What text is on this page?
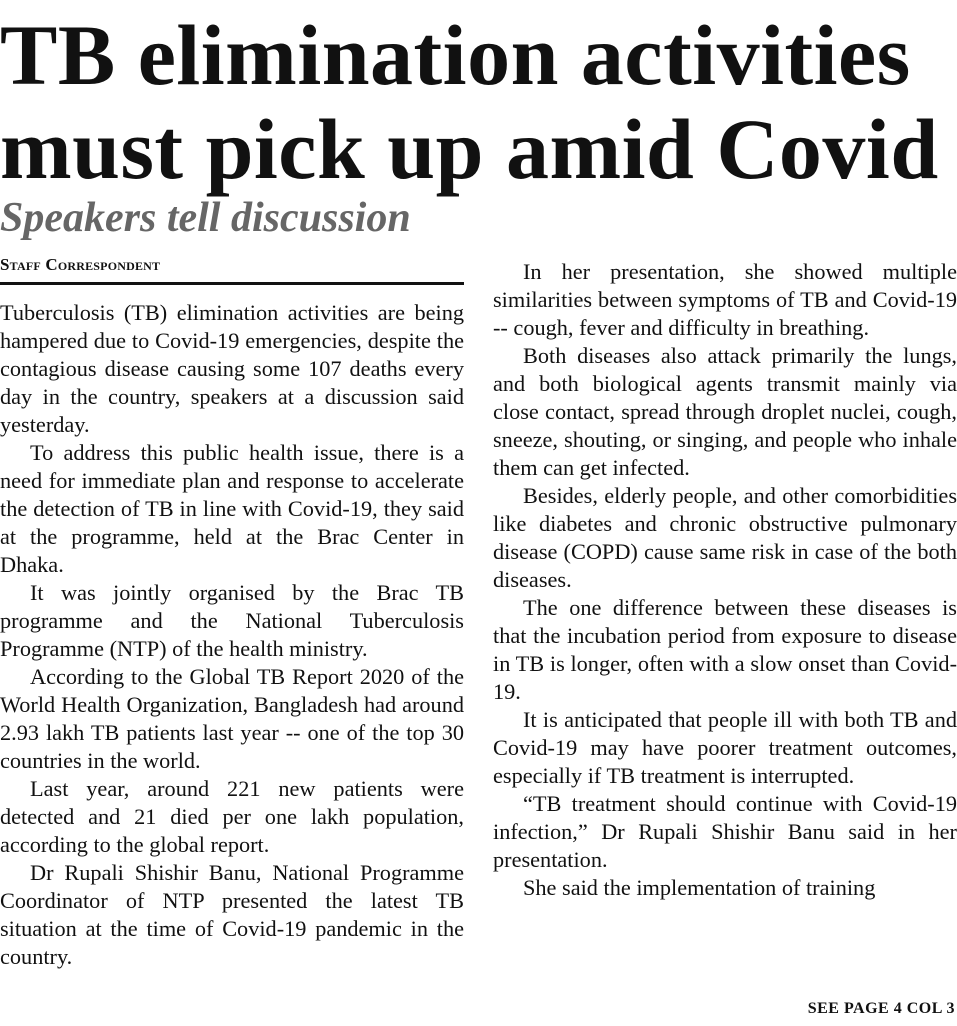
TB elimination activities
must pick up amid Covid
Speakers tell discussion
Staff Correspondent

Tuberculosis (TB) elimination activities are being hampered due to Covid-19 emergencies, despite the contagious disease causing some 107 deaths every day in the country, speakers at a discussion said yesterday.

To address this public health issue, there is a need for immediate plan and response to accelerate the detection of TB in line with Covid-19, they said at the programme, held at the Brac Center in Dhaka.

It was jointly organised by the Brac TB programme and the National Tuberculosis Programme (NTP) of the health ministry.

According to the Global TB Report 2020 of the World Health Organization, Bangladesh had around 2.93 lakh TB patients last year -- one of the top 30 countries in the world.

Last year, around 221 new patients were detected and 21 died per one lakh population, according to the global report.

Dr Rupali Shishir Banu, National Programme Coordinator of NTP presented the latest TB situation at the time of Covid-19 pandemic in the country.

In her presentation, she showed multiple similarities between symptoms of TB and Covid-19 -- cough, fever and difficulty in breathing.

Both diseases also attack primarily the lungs, and both biological agents transmit mainly via close contact, spread through droplet nuclei, cough, sneeze, shouting, or singing, and people who inhale them can get infected.

Besides, elderly people, and other comorbidities like diabetes and chronic obstructive pulmonary disease (COPD) cause same risk in case of the both diseases.

The one difference between these diseases is that the incubation period from exposure to disease in TB is longer, often with a slow onset than Covid-19.

It is anticipated that people ill with both TB and Covid-19 may have poorer treatment outcomes, especially if TB treatment is interrupted.

“TB treatment should continue with Covid-19 infection,” Dr Rupali Shishir Banu said in her presentation.

She said the implementation of training

SEE PAGE 4 COL 3
